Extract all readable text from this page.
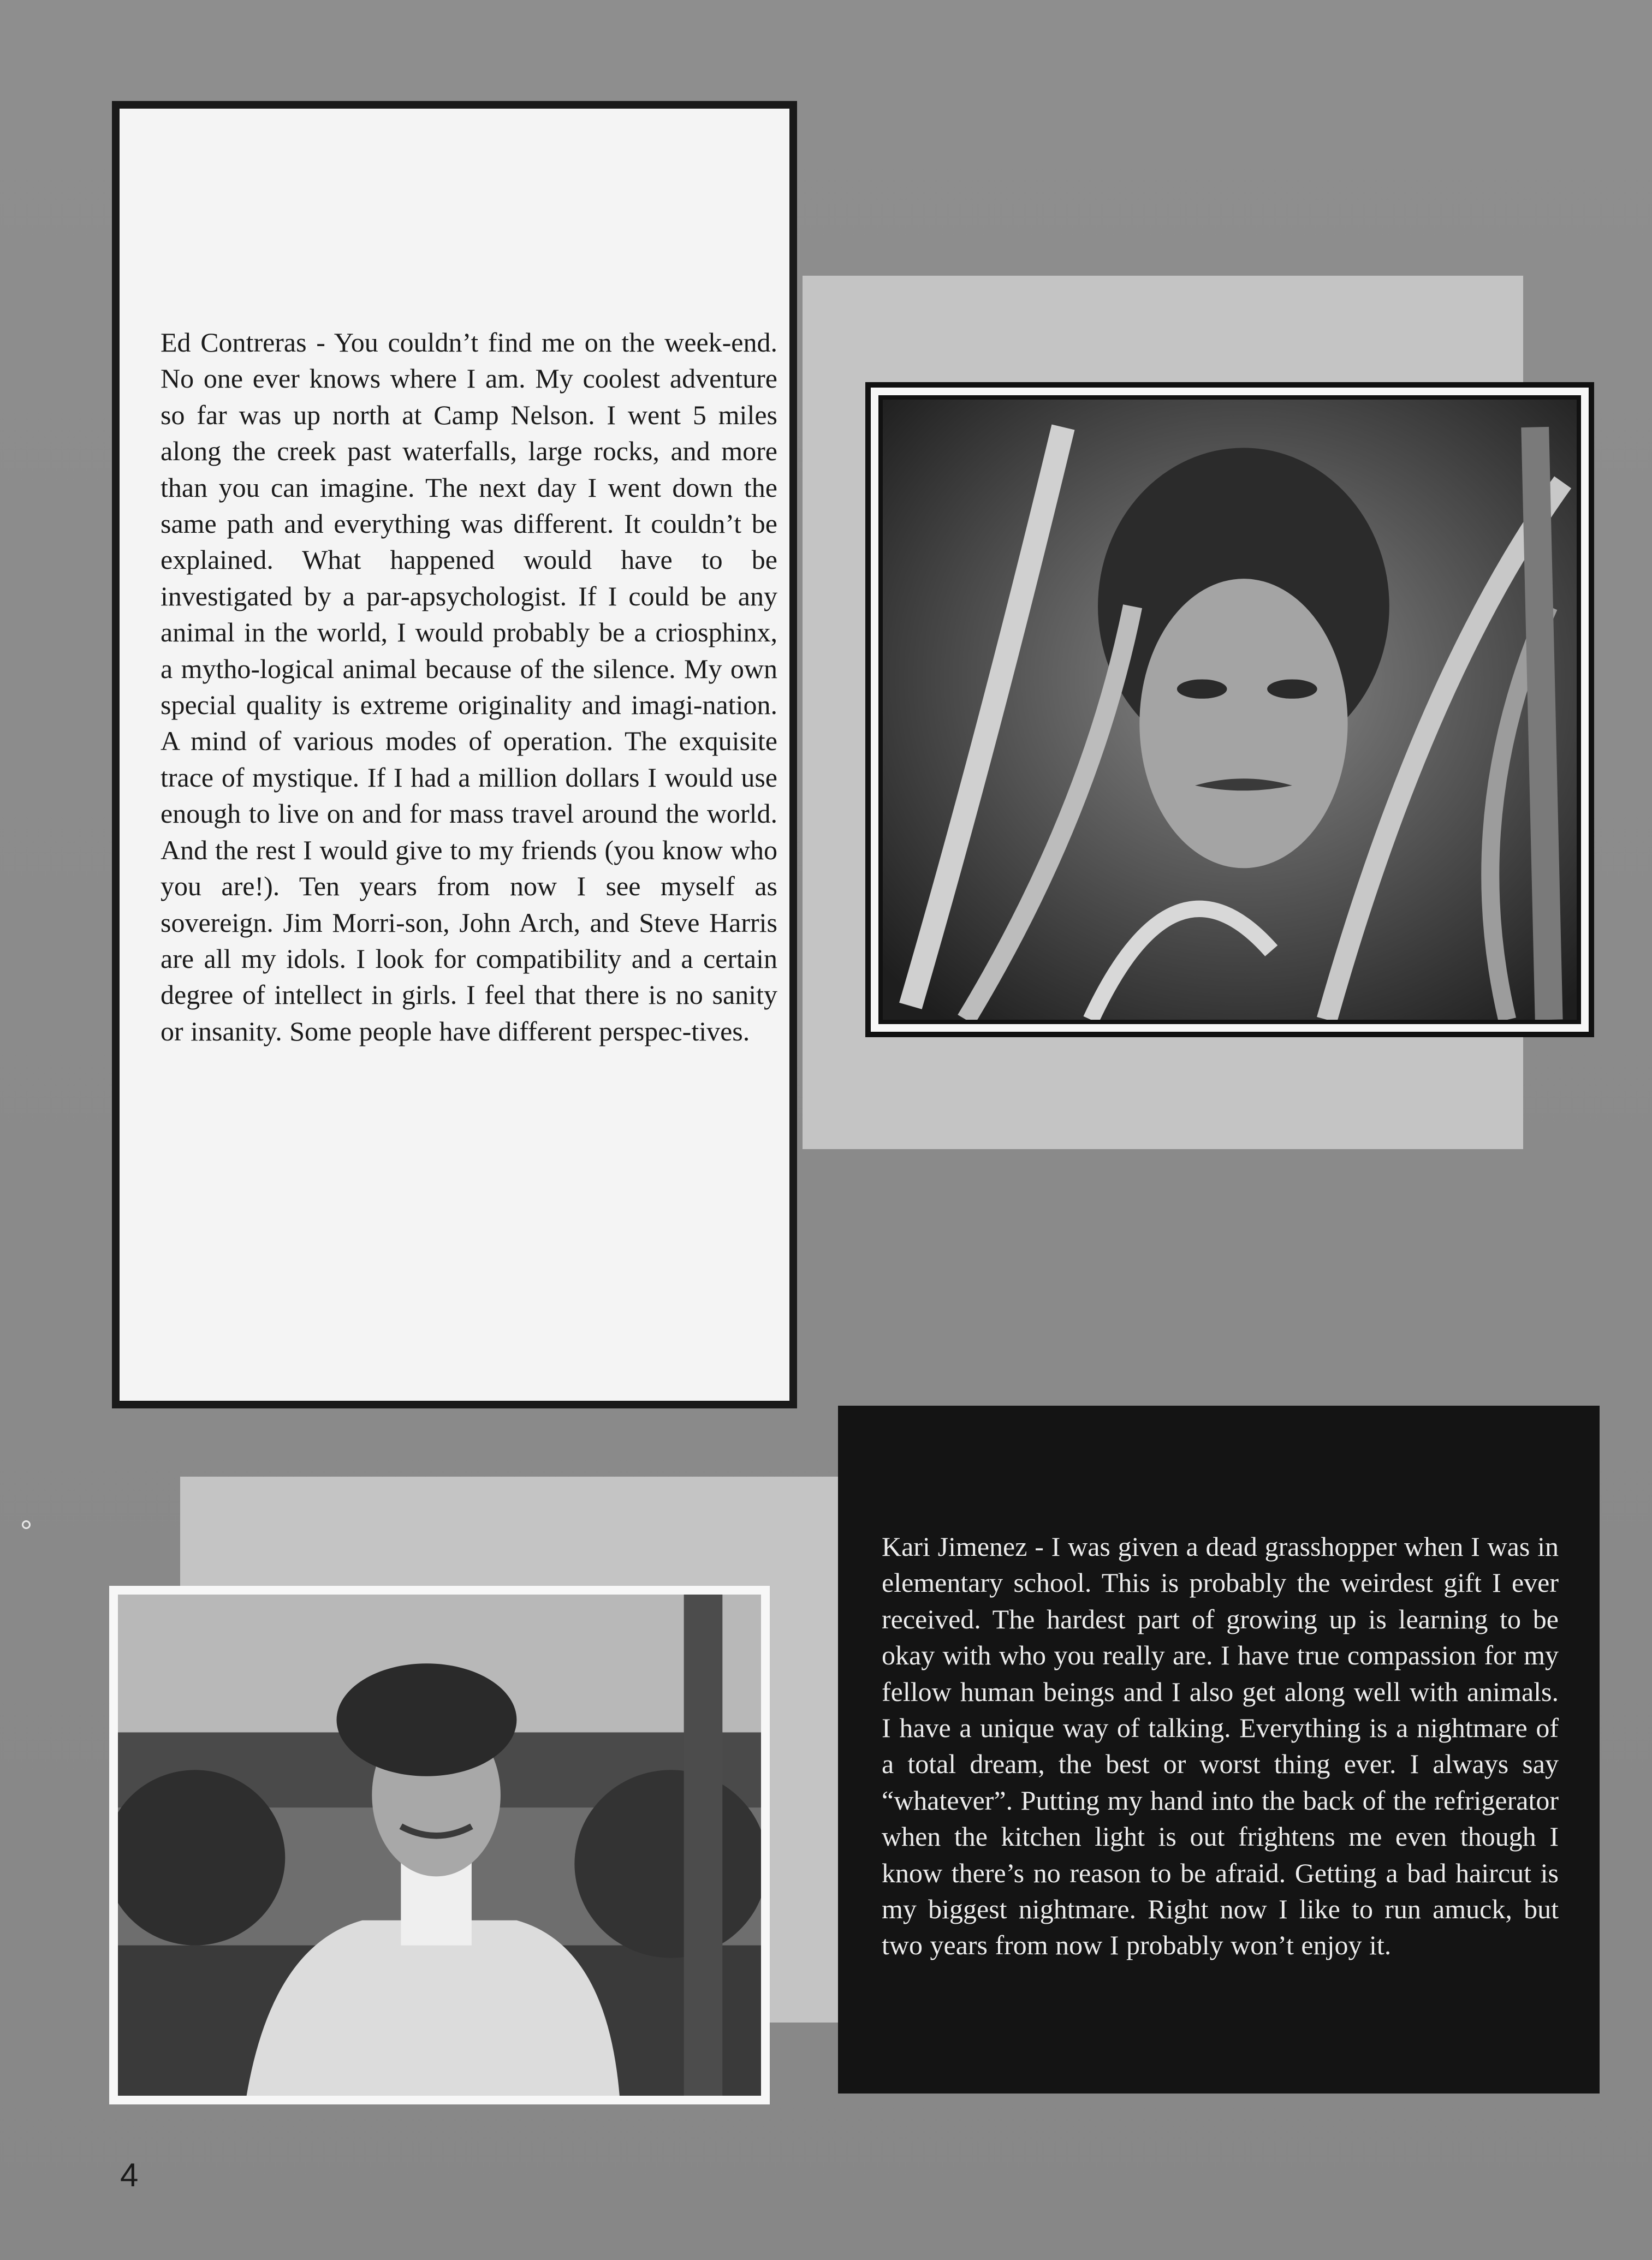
Ed Contreras - You couldn’t find me on the week-end. No one ever knows where I am. My coolest adventure so far was up north at Camp Nelson. I went 5 miles along the creek past waterfalls, large rocks, and more than you can imagine. The next day I went down the same path and everything was different. It couldn’t be explained. What happened would have to be investigated by a par-apsychologist. If I could be any animal in the world, I would probably be a criosphinx, a mytho-logical animal because of the silence. My own special quality is extreme originality and imagi-nation. A mind of various modes of operation. The exquisite trace of mystique. If I had a million dollars I would use enough to live on and for mass travel around the world. And the rest I would give to my friends (you know who you are!). Ten years from now I see myself as sovereign. Jim Morri-son, John Arch, and Steve Harris are all my idols. I look for compatibility and a certain degree of intellect in girls. I feel that there is no sanity or insanity. Some people have different perspec-tives.

Kari Jimenez - I was given a dead grasshopper when I was in elementary school. This is probably the weirdest gift I ever received. The hardest part of growing up is learning to be okay with who you really are. I have true compassion for my fellow human beings and I also get along well with animals. I have a unique way of talking. Everything is a nightmare of a total dream, the best or worst thing ever. I always say “whatever”. Putting my hand into the back of the refrigerator when the kitchen light is out frightens me even though I know there’s no reason to be afraid. Getting a bad haircut is my biggest nightmare. Right now I like to run amuck, but two years from now I probably won’t enjoy it.

4
